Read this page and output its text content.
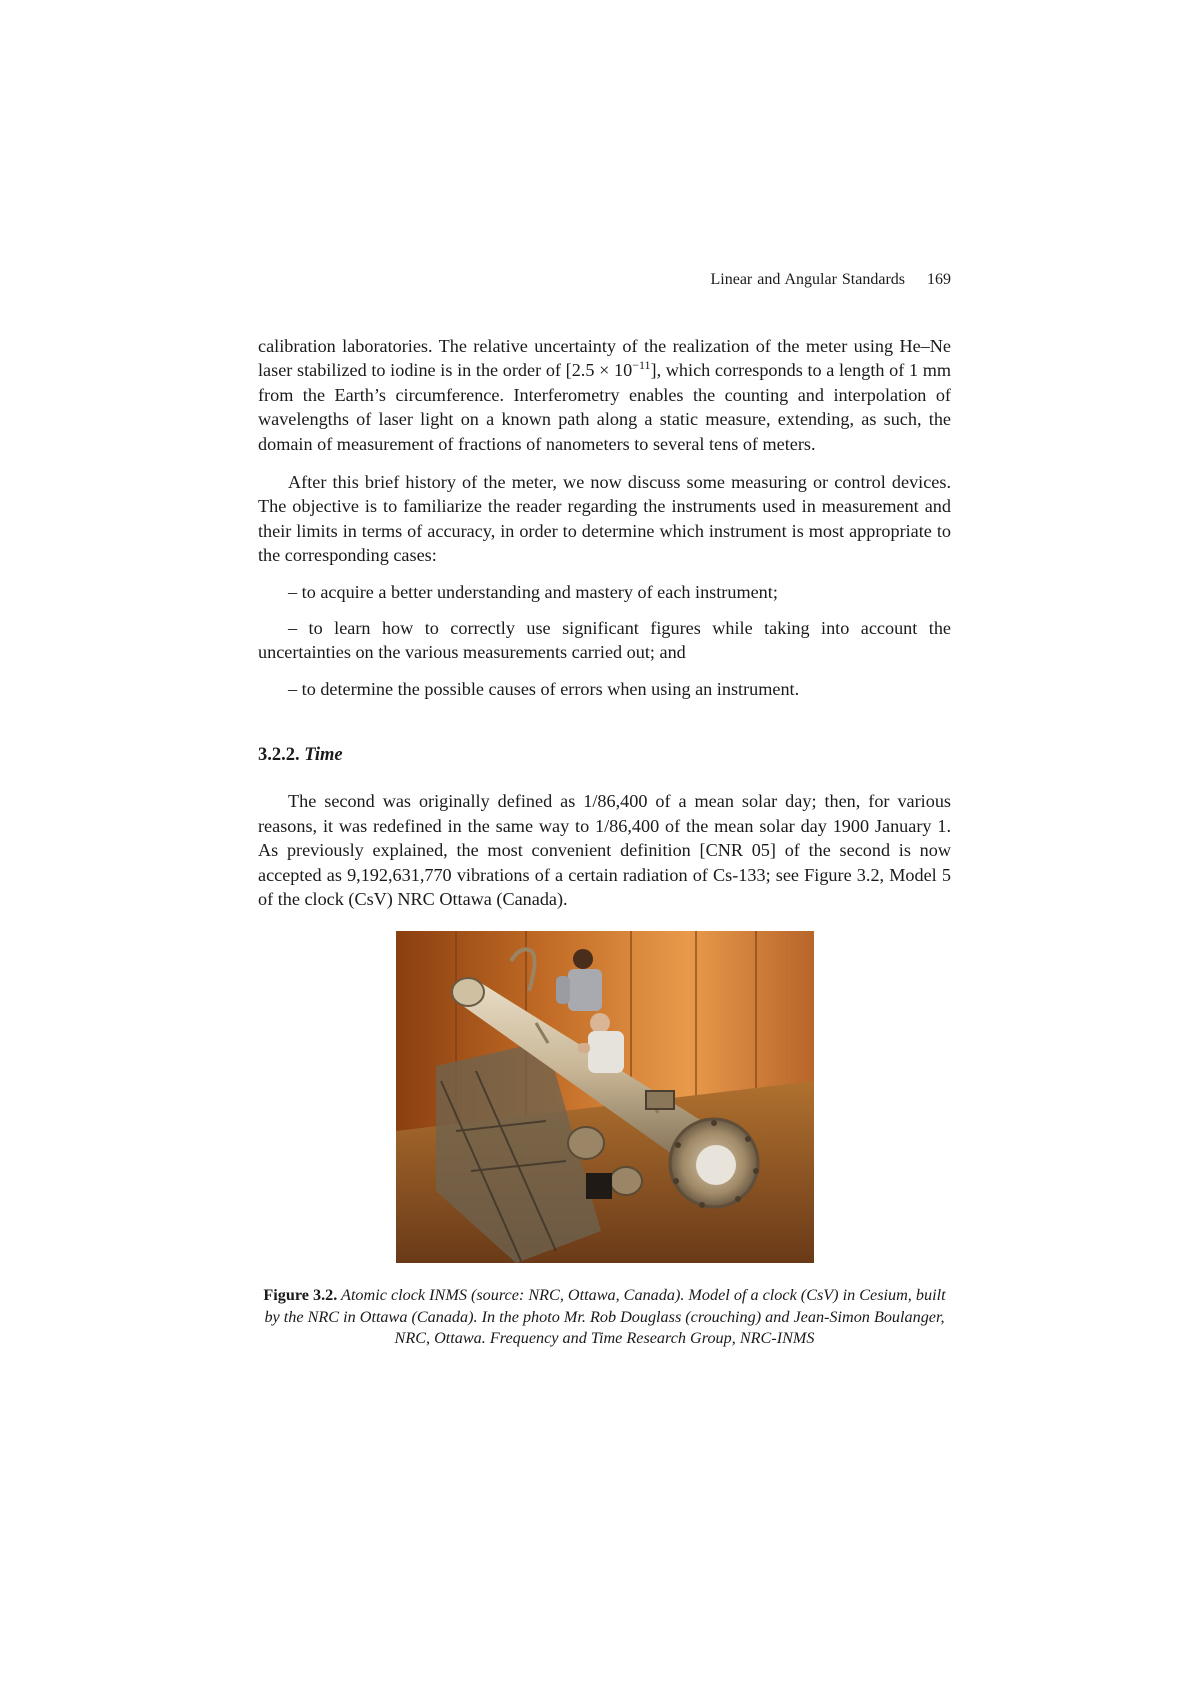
Linear and Angular Standards 169

calibration laboratories. The relative uncertainty of the realization of the meter using He–Ne laser stabilized to iodine is in the order of $[2.5 \times 10^{-11}]$, which corresponds to a length of 1 mm from the Earth’s circumference. Interferometry enables the counting and interpolation of wavelengths of laser light on a known path along a static measure, extending, as such, the domain of measurement of fractions of nanometers to several tens of meters.

After this brief history of the meter, we now discuss some measuring or control devices. The objective is to familiarize the reader regarding the instruments used in measurement and their limits in terms of accuracy, in order to determine which instrument is most appropriate to the corresponding cases:

– to acquire a better understanding and mastery of each instrument;

– to learn how to correctly use significant figures while taking into account the uncertainties on the various measurements carried out; and

– to determine the possible causes of errors when using an instrument.

3.2.2. Time

The second was originally defined as 1/86,400 of a mean solar day; then, for various reasons, it was redefined in the same way to 1/86,400 of the mean solar day 1900 January 1. As previously explained, the most convenient definition [CNR 05] of the second is now accepted as 9,192,631,770 vibrations of a certain radiation of Cs-133; see Figure 3.2, Model 5 of the clock (CsV) NRC Ottawa (Canada).

Figure 3.2. Atomic clock INMS (source: NRC, Ottawa, Canada). Model of a clock (CsV) in Cesium, built by the NRC in Ottawa (Canada). In the photo Mr. Rob Douglass (crouching) and Jean-Simon Boulanger, NRC, Ottawa. Frequency and Time Research Group, NRC-INMS
